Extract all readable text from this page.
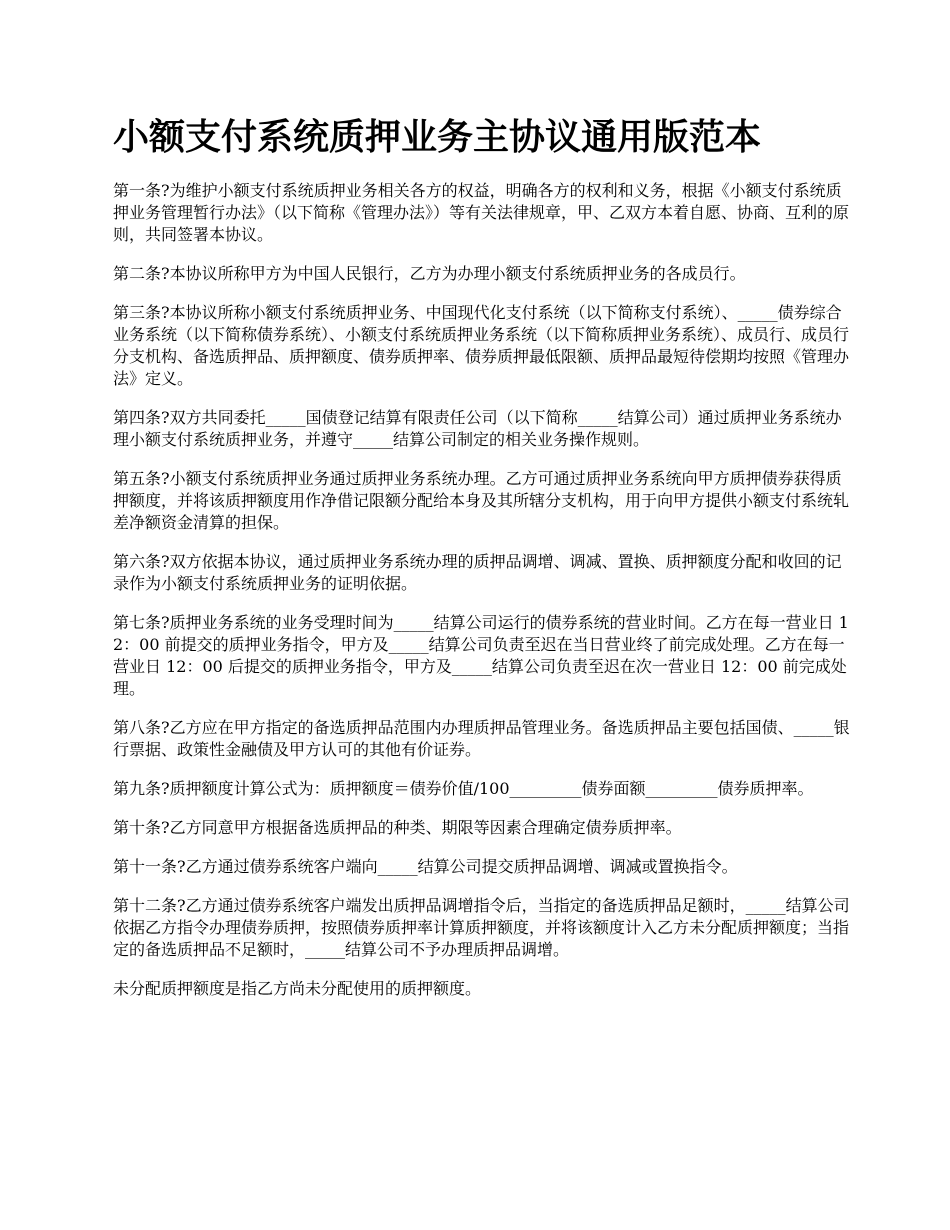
小额支付系统质押业务主协议通用版范本

第一条?为维护小额支付系统质押业务相关各方的权益，明确各方的权利和义务，根据《小额支付系统质押业务管理暂行办法》（以下简称《管理办法》）等有关法律规章，甲、乙双方本着自愿、协商、互利的原则，共同签署本协议。

第二条?本协议所称甲方为中国人民银行，乙方为办理小额支付系统质押业务的各成员行。

第三条?本协议所称小额支付系统质押业务、中国现代化支付系统（以下简称支付系统）、_____债券综合业务系统（以下简称债券系统）、小额支付系统质押业务系统（以下简称质押业务系统）、成员行、成员行分支机构、备选质押品、质押额度、债券质押率、债券质押最低限额、质押品最短待偿期均按照《管理办法》定义。

第四条?双方共同委托_____国债登记结算有限责任公司（以下简称_____结算公司）通过质押业务系统办理小额支付系统质押业务，并遵守_____结算公司制定的相关业务操作规则。

第五条?小额支付系统质押业务通过质押业务系统办理。乙方可通过质押业务系统向甲方质押债券获得质押额度，并将该质押额度用作净借记限额分配给本身及其所辖分支机构，用于向甲方提供小额支付系统轧差净额资金清算的担保。

第六条?双方依据本协议，通过质押业务系统办理的质押品调增、调减、置换、质押额度分配和收回的记录作为小额支付系统质押业务的证明依据。

第七条?质押业务系统的业务受理时间为_____结算公司运行的债券系统的营业时间。乙方在每一营业日 12：00 前提交的质押业务指令，甲方及_____结算公司负责至迟在当日营业终了前完成处理。乙方在每一营业日 12：00 后提交的质押业务指令，甲方及_____结算公司负责至迟在次一营业日 12：00 前完成处理。

第八条?乙方应在甲方指定的备选质押品范围内办理质押品管理业务。备选质押品主要包括国债、_____银行票据、政策性金融债及甲方认可的其他有价证券。

第九条?质押额度计算公式为：质押额度＝债券价值/100_________债券面额_________债券质押率。

第十条?乙方同意甲方根据备选质押品的种类、期限等因素合理确定债券质押率。

第十一条?乙方通过债券系统客户端向_____结算公司提交质押品调增、调减或置换指令。

第十二条?乙方通过债券系统客户端发出质押品调增指令后，当指定的备选质押品足额时，_____结算公司依据乙方指令办理债券质押，按照债券质押率计算质押额度，并将该额度计入乙方未分配质押额度；当指定的备选质押品不足额时，_____结算公司不予办理质押品调增。

未分配质押额度是指乙方尚未分配使用的质押额度。
